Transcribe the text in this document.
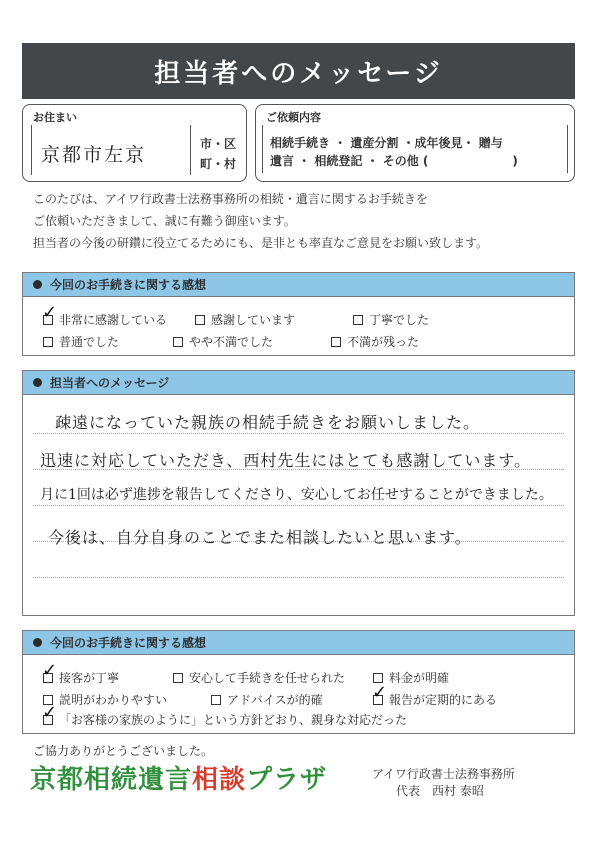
担当者へのメッセージ
お住まい
京都市左京	市・区
町・村
ご依頼内容
相続手続き ・ 遺産分割 ・成年後見・ 贈与
遺言 ・ 相続登記 ・ その他 (　　　　　　　)
このたびは、アイワ行政書士法務事務所の相続・遺言に関するお手続きを
ご依頼いただきまして、誠に有難う御座います。
担当者の今後の研鑽に役立てるためにも、是非とも率直なご意見をお願い致します。
今回のお手続きに関する感想
✓ 非常に感謝している	感謝しています	丁寧でした
普通でした	やや不満でした	不満が残った
担当者へのメッセージ
疎遠になっていた親族の相続手続きをお願いしました。
迅速に対応していただき、西村先生にはとても感謝しています。
月に1回は必ず進捗を報告してくださり、安心してお任せすることができました。
今後は、自分自身のことでまた相談したいと思います。
今回のお手続きに関する感想
✓ 接客が丁寧	安心して手続きを任せられた	料金が明確
説明がわかりやすい	アドバイスが的確	✓ 報告が定期的にある
✓ 「お客様の家族のように」という方針どおり、親身な対応だった
ご協力ありがとうございました。
京都相続遺言相談プラザ	アイワ行政書士法務事務所
代表　西村 泰昭
